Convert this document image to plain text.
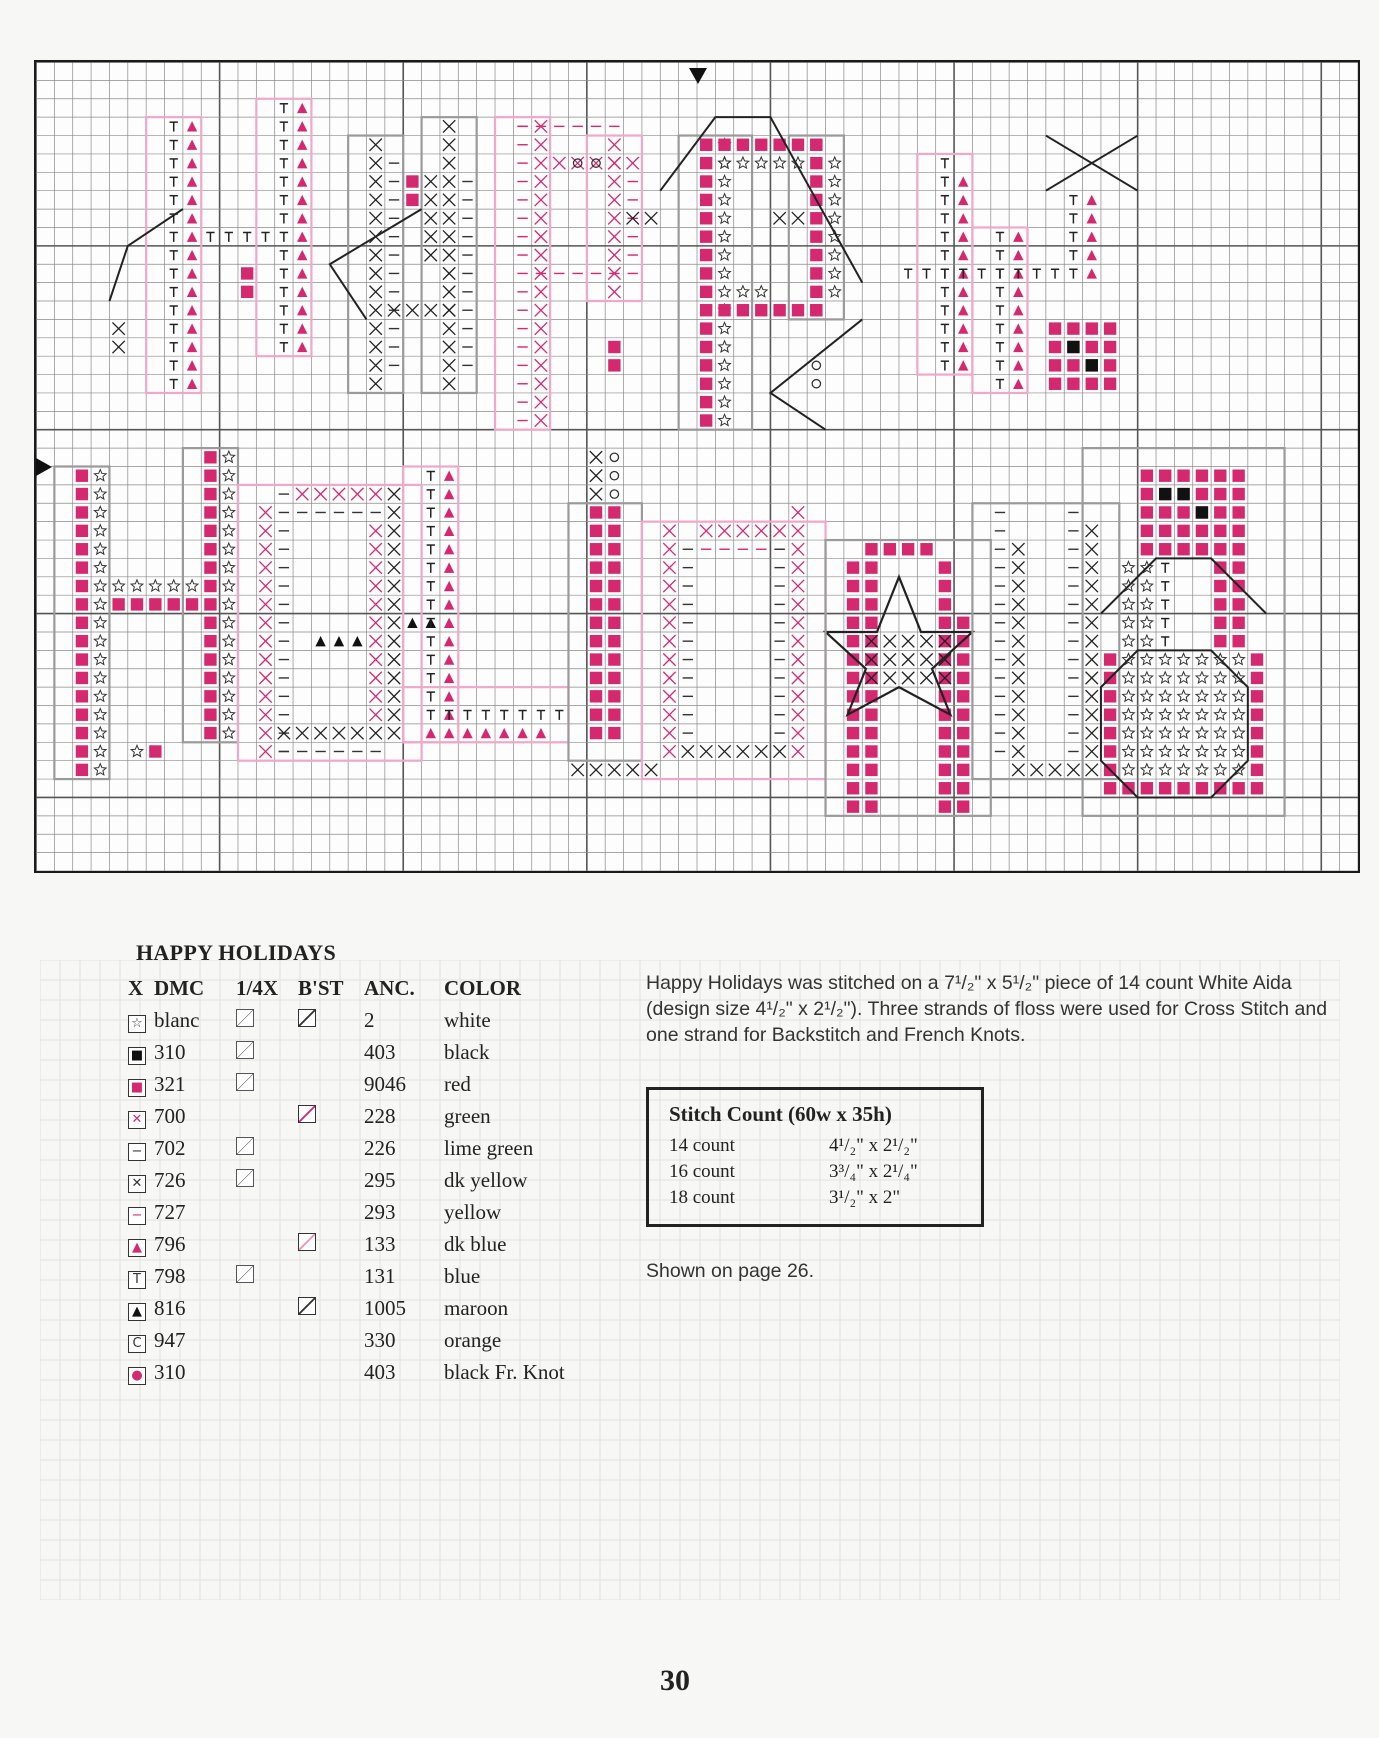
HAPPY HOLIDAYS
X	DMC	1/4X	B'ST	ANC.	COLOR
☆	blanc			2	white
■	310			403	black
■	321			9046	red
✕	700			228	green
−	702			226	lime green
✕	726			295	dk yellow
−	727			293	yellow
▲	796			133	dk blue
T	798			131	blue
▲	816			1005	maroon
C	947			330	orange
●	310			403	black Fr. Knot
Happy Holidays was stitched on a 7¹/₂" x 5¹/₂" piece of 14 count White Aida (design size 4¹/₂" x 2¹/₂"). Three strands of floss were used for Cross Stitch and one strand for Backstitch and French Knots.
Stitch Count (60w x 35h)
14 count	4¹/₂" x 2¹/₂"
16 count	3³/₄" x 2¹/₄"
18 count	3¹/₂" x 2"
Shown on page 26.
30
